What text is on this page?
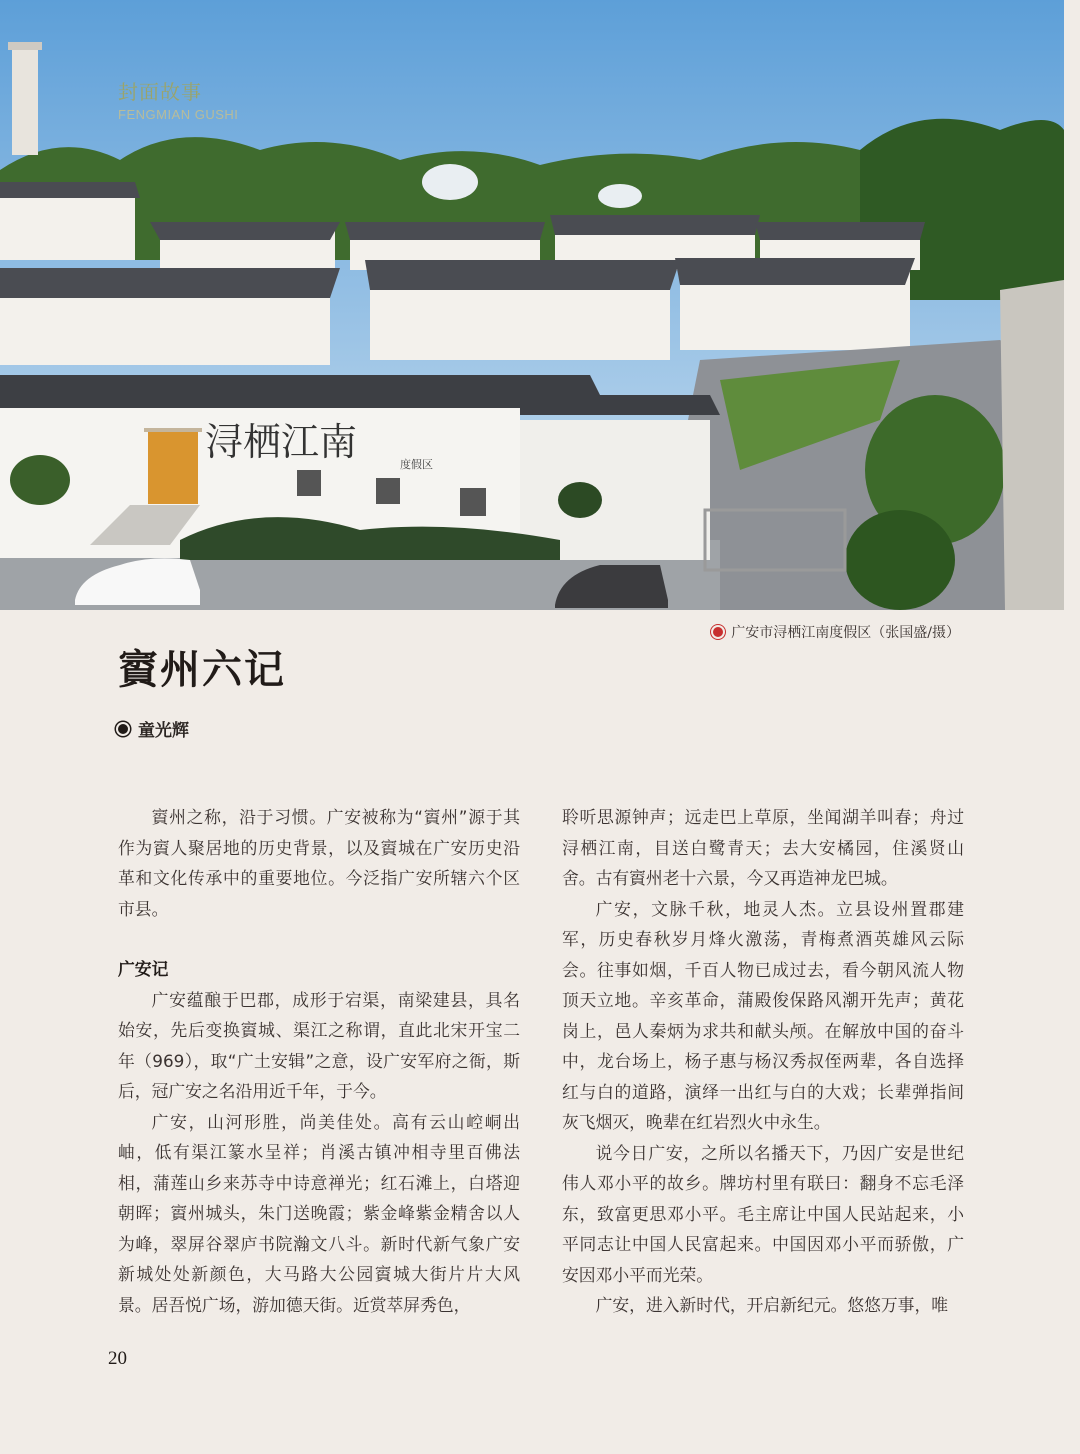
浔栖江南
度假区
封面故事
FENGMIAN GUSHI
广安市浔栖江南度假区（张国盛/摄）
賨州六记
童光辉

賨州之称，沿于习惯。广安被称为“賨州”源于其作为賨人聚居地的历史背景，以及賨城在广安历史沿革和文化传承中的重要地位。今泛指广安所辖六个区市县。

广安记

广安蕴酿于巴郡，成形于宕渠，南梁建县，具名始安，先后变换賨城、渠江之称谓，直此北宋开宝二年（969），取“广土安辑”之意，设广安军府之衙，斯后，冠广安之名沿用近千年，于今。

广安，山河形胜，尚美佳处。高有云山崆峒出岫，低有渠江篆水呈祥；肖溪古镇冲相寺里百佛法相，蒲莲山乡来苏寺中诗意禅光；红石滩上，白塔迎朝晖；賨州城头，朱门送晚霞；紫金峰紫金精舍以人为峰，翠屏谷翠庐书院瀚文八斗。新时代新气象广安新城处处新颜色，大马路大公园賨城大街片片大风景。居吾悦广场，游加德天街。近赏萃屏秀色，

聆听思源钟声；远走巴上草原，坐闻湖羊叫春；舟过浔栖江南，目送白鹭青天；去大安橘园，住溪贤山舍。古有賨州老十六景，今又再造神龙巴城。

广安，文脉千秋，地灵人杰。立县设州置郡建军，历史春秋岁月烽火激荡，青梅煮酒英雄风云际会。往事如烟，千百人物已成过去，看今朝风流人物顶天立地。辛亥革命，蒲殿俊保路风潮开先声；黄花岗上，邑人秦炳为求共和献头颅。在解放中国的奋斗中，龙台场上，杨子惠与杨汉秀叔侄两辈，各自选择红与白的道路，演绎一出红与白的大戏；长辈弹指间灰飞烟灭，晚辈在红岩烈火中永生。

说今日广安，之所以名播天下，乃因广安是世纪伟人邓小平的故乡。牌坊村里有联曰：翻身不忘毛泽东，致富更思邓小平。毛主席让中国人民站起来，小平同志让中国人民富起来。中国因邓小平而骄傲，广安因邓小平而光荣。

广安，进入新时代，开启新纪元。悠悠万事，唯

20
